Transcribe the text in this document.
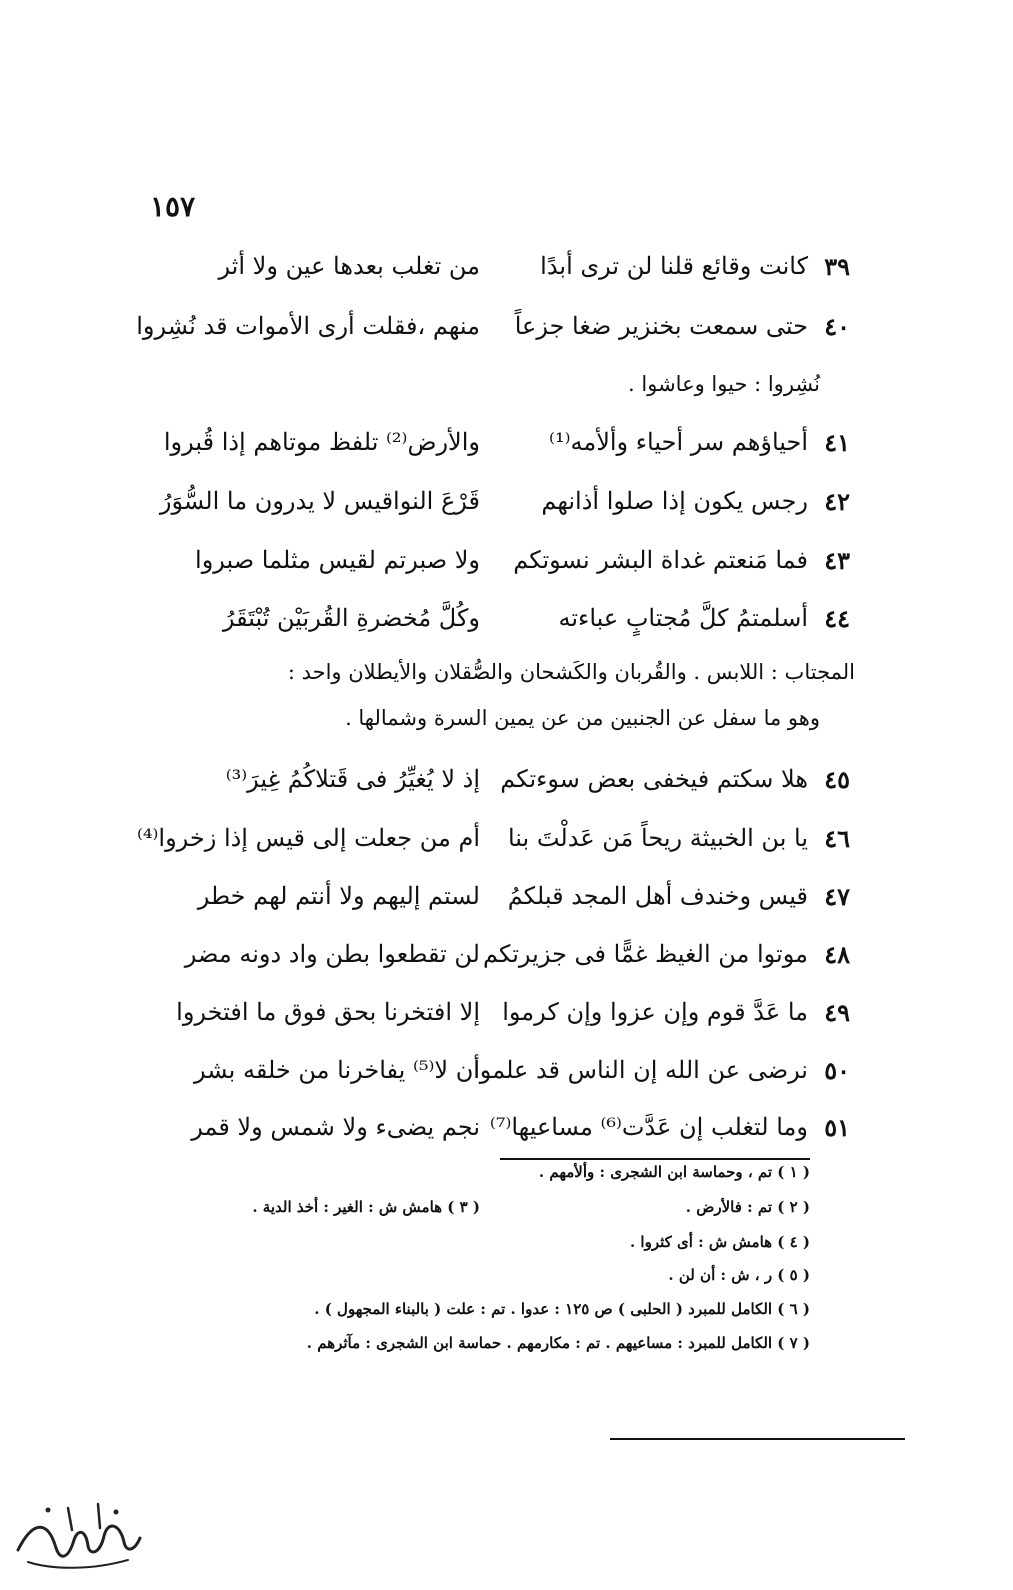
١٥٧
٣٩
كانت وقائع قلنا لن ترى أبدًا
من تغلب بعدها عين ولا أثر
٤٠
حتى سمعت بخنزير ضغا جزعاً
منهم ،فقلت أرى الأموات قد نُشِروا
نُشِروا : حيوا وعاشوا .
٤١
أحياؤهم سر أحياء وألأمه⁽¹⁾
والأرض⁽²⁾ تلفظ موتاهم إذا قُبروا
٤٢
رجس يكون إذا صلوا أذانهم
قَرْعَ النواقيس لا يدرون ما السُّوَرُ
٤٣
فما مَنعتم غداة البشر نسوتكم
ولا صبرتم لقيس مثلما صبروا
٤٤
أسلمتمُ كلَّ مُجتابٍ عباءته
وكُلَّ مُخضرةِ القُربَيْن تُبْتَقَرُ
المجتاب : اللابس . والقُربان والكَشحان والصُّقلان والأيطلان واحد :
وهو ما سفل عن الجنبين من عن يمين السرة وشمالها .
٤٥
هلا سكتم فيخفى بعض سوءتكم
إذ لا يُغيِّرُ فى قَتلاكُمُ غِيرَ⁽³⁾
٤٦
يا بن الخبيثة ريحاً مَن عَدلْتَ بنا
أم من جعلت إلى قيس إذا زخروا⁽⁴⁾
٤٧
قيس وخندف أهل المجد قبلكمُ
لستم إليهم ولا أنتم لهم خطر
٤٨
موتوا من الغيظ غمًّا فى جزيرتكم
لن تقطعوا بطن واد دونه مضر
٤٩
ما عَدَّ قوم وإن عزوا وإن كرموا
إلا افتخرنا بحق فوق ما افتخروا
٥٠
نرضى عن الله إن الناس قد علموا
أن لا⁽⁵⁾ يفاخرنا من خلقه بشر
٥١
وما لتغلب إن عَدَّت⁽⁶⁾ مساعيها⁽⁷⁾
نجم يضىء ولا شمس ولا قمر
( ١ ) تم ، وحماسة ابن الشجرى : وألأمهم .
( ٢ ) تم : فالأرض .
( ٣ ) هامش ش : الغير : أخذ الدية .
( ٤ ) هامش ش : أى كثروا .
( ٥ ) ر ، ش : أن لن .
( ٦ ) الكامل للمبرد ( الحلبى ) ص ١٢٥ : عدوا . تم : علت ( بالبناء المجهول ) .
( ٧ ) الكامل للمبرد : مساعيهم . تم : مكارمهم . حماسة ابن الشجرى : مآثرهم .
